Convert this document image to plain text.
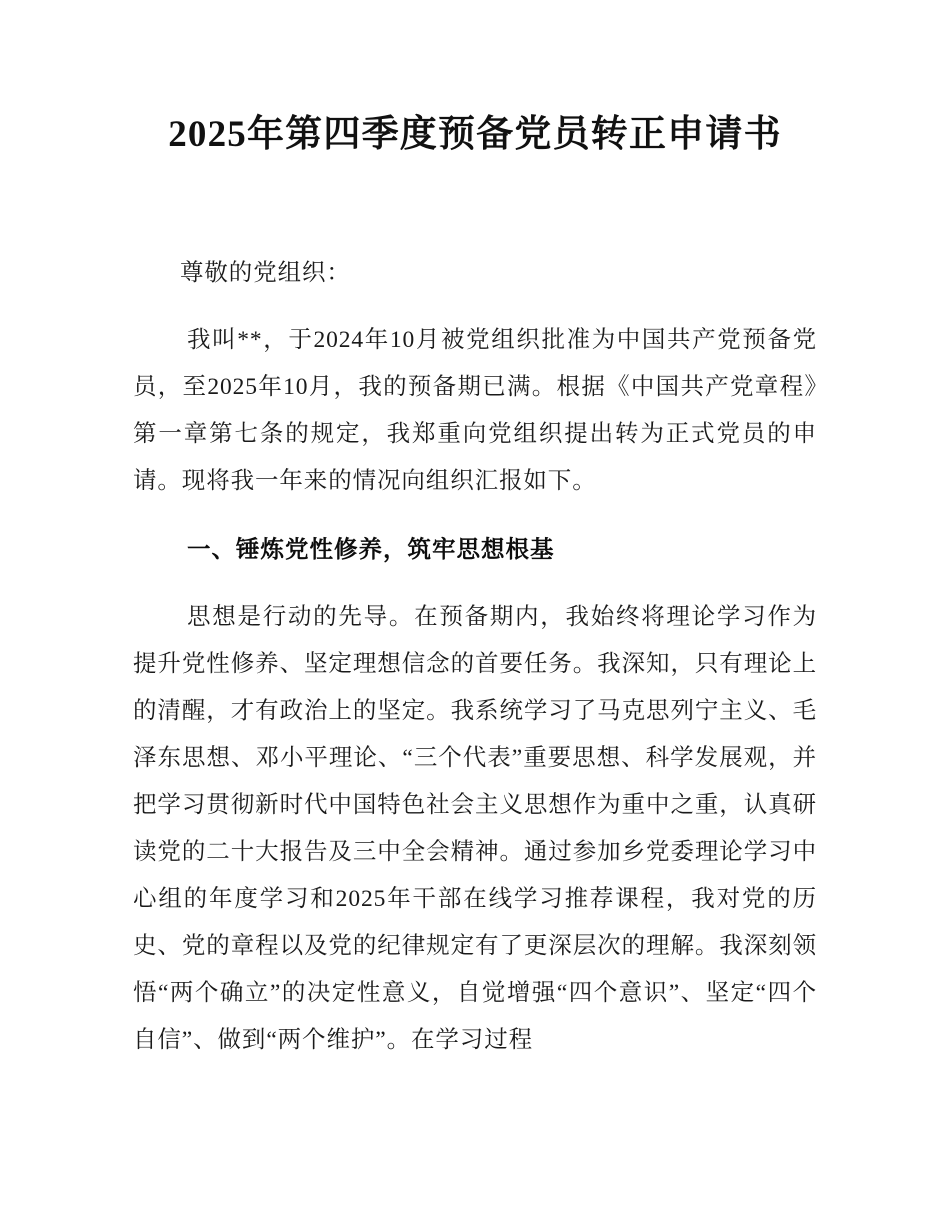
2025年第四季度预备党员转正申请书

尊敬的党组织：

我叫**，于2024年10月被党组织批准为中国共产党预备党员，至2025年10月，我的预备期已满。根据《中国共产党章程》第一章第七条的规定，我郑重向党组织提出转为正式党员的申请。现将我一年来的情况向组织汇报如下。

一、锤炼党性修养，筑牢思想根基

思想是行动的先导。在预备期内，我始终将理论学习作为提升党性修养、坚定理想信念的首要任务。我深知，只有理论上的清醒，才有政治上的坚定。我系统学习了马克思列宁主义、毛泽东思想、邓小平理论、“三个代表”重要思想、科学发展观，并把学习贯彻新时代中国特色社会主义思想作为重中之重，认真研读党的二十大报告及三中全会精神。通过参加乡党委理论学习中心组的年度学习和2025年干部在线学习推荐课程，我对党的历史、党的章程以及党的纪律规定有了更深层次的理解。我深刻领悟“两个确立”的决定性意义，自觉增强“四个意识”、坚定“四个自信”、做到“两个维护”。在学习过程
